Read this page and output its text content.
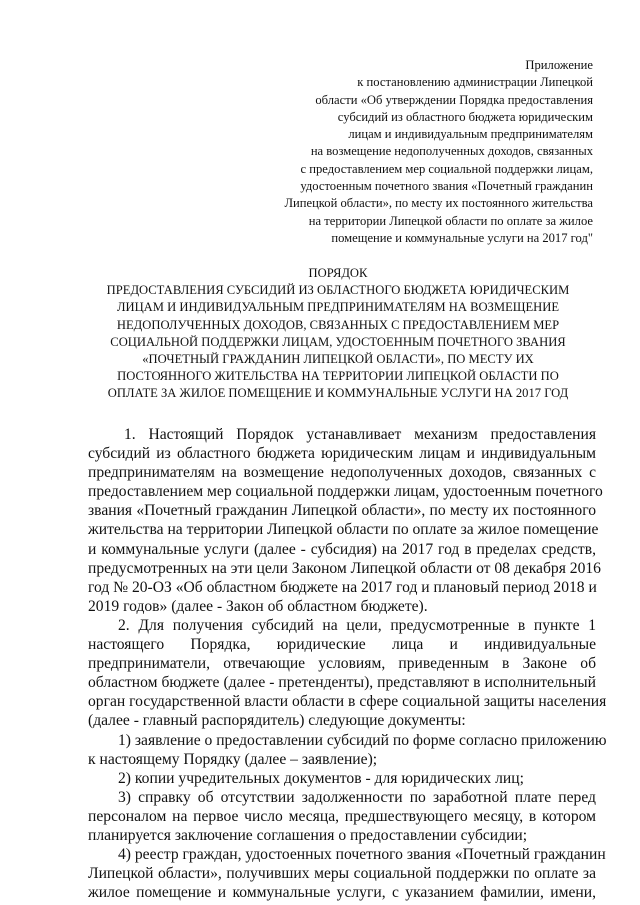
Приложение
к постановлению администрации Липецкой
области «Об утверждении Порядка предоставления
субсидий из областного бюджета юридическим
лицам и индивидуальным предпринимателям
на возмещение недополученных доходов, связанных
с предоставлением мер социальной поддержки лицам,
удостоенным почетного звания «Почетный гражданин
Липецкой области», по месту их постоянного жительства
на территории Липецкой области по оплате за жилое
помещение и коммунальные услуги на 2017 год"
ПОРЯДОК
ПРЕДОСТАВЛЕНИЯ СУБСИДИЙ ИЗ ОБЛАСТНОГО БЮДЖЕТА ЮРИДИЧЕСКИМ
ЛИЦАМ И ИНДИВИДУАЛЬНЫМ ПРЕДПРИНИМАТЕЛЯМ НА ВОЗМЕЩЕНИЕ
НЕДОПОЛУЧЕННЫХ ДОХОДОВ, СВЯЗАННЫХ С ПРЕДОСТАВЛЕНИЕМ МЕР
СОЦИАЛЬНОЙ ПОДДЕРЖКИ ЛИЦАМ, УДОСТОЕННЫМ ПОЧЕТНОГО ЗВАНИЯ
«ПОЧЕТНЫЙ ГРАЖДАНИН ЛИПЕЦКОЙ ОБЛАСТИ», ПО МЕСТУ ИХ
ПОСТОЯННОГО ЖИТЕЛЬСТВА НА ТЕРРИТОРИИ ЛИПЕЦКОЙ ОБЛАСТИ ПО
ОПЛАТЕ ЗА ЖИЛОЕ ПОМЕЩЕНИЕ И КОММУНАЛЬНЫЕ УСЛУГИ НА 2017 ГОД
1. Настоящий Порядок устанавливает механизм предоставления
субсидий из областного бюджета юридическим лицам и индивидуальным
предпринимателям на возмещение недополученных доходов, связанных с
предоставлением мер социальной поддержки лицам, удостоенным почетного
звания «Почетный гражданин Липецкой области», по месту их постоянного
жительства на территории Липецкой области по оплате за жилое помещение
и коммунальные услуги (далее - субсидия) на 2017 год в пределах средств,
предусмотренных на эти цели Законом Липецкой области от 08 декабря 2016
год № 20-ОЗ «Об областном бюджете на 2017 год и плановый период 2018 и
2019 годов» (далее - Закон об областном бюджете).
2. Для получения субсидий на цели, предусмотренные в пункте 1
настоящего Порядка, юридические лица и индивидуальные
предприниматели, отвечающие условиям, приведенным в Законе об
областном бюджете (далее - претенденты), представляют в исполнительный
орган государственной власти области в сфере социальной защиты населения
(далее - главный распорядитель) следующие документы:
1) заявление о предоставлении субсидий по форме согласно приложению
к настоящему Порядку (далее – заявление);
2) копии учредительных документов - для юридических лиц;
3) справку об отсутствии задолженности по заработной плате перед
персоналом на первое число месяца, предшествующего месяцу, в котором
планируется заключение соглашения о предоставлении субсидии;
4) реестр граждан, удостоенных почетного звания «Почетный гражданин
Липецкой области», получивших меры социальной поддержки по оплате за
жилое помещение и коммунальные услуги, с указанием фамилии, имени,
